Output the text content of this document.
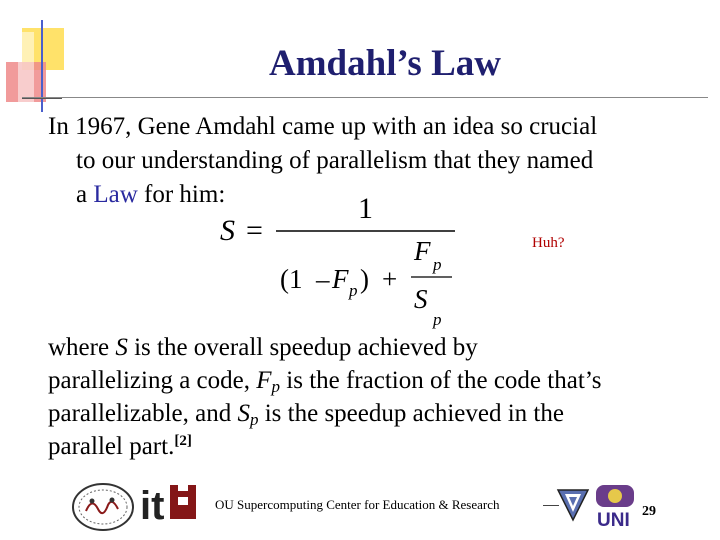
Amdahl’s Law
In 1967, Gene Amdahl came up with an idea so crucial
to our understanding of parallelism that they named
a Law for him:
S =
1
(1 – F p ) +
F p
S
p
Huh?
where S is the overall speedup achieved by
parallelizing a code, $F_p$ is the fraction of the code that’s
parallelizable, and $S_p$ is the speedup achieved in the
parallel part.[2]
it	OU Supercomputing Center for Education & Research
UNI 29
